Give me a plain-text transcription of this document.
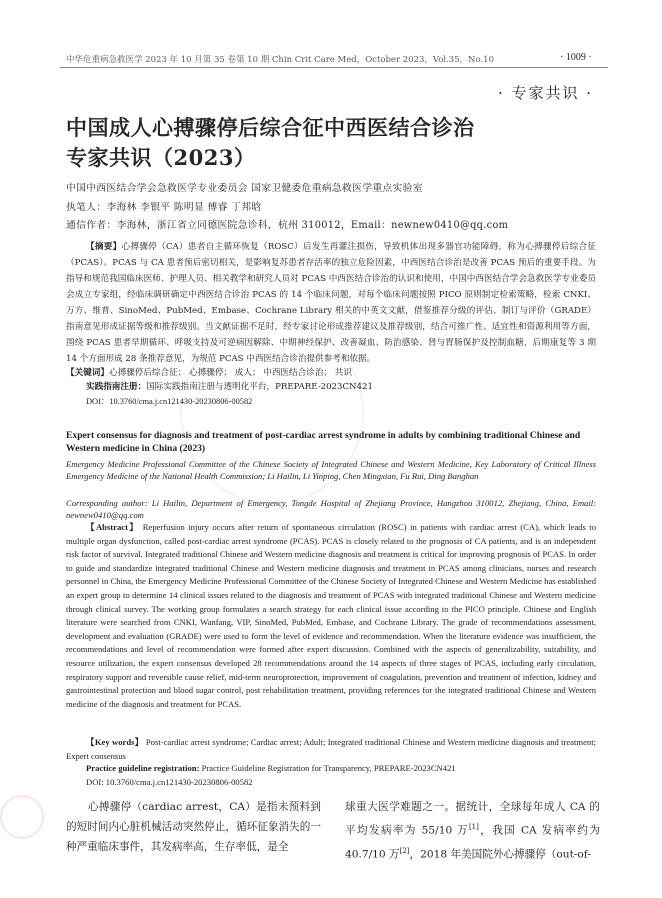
中华危重病急救医学 2023 年 10 月第 35 卷第 10 期 Chin Crit Care Med，October 2023，Vol.35，No.10	· 1009 ·
· 专家共识 ·
中国成人心搏骤停后综合征中西医结合诊治
专家共识（2023）
中国中西医结合学会急救医学专业委员会 国家卫健委危重病急救医学重点实验室
执笔人：李海林 李银平 陈明显 傅睿 丁邦晗
通信作者：李海林，浙江省立同德医院急诊科，杭州 310012，Email：newnew0410@qq.com
【摘要】心搏骤停（CA）患者自主循环恢复（ROSC）后发生再灌注损伤，导致机体出现多器官功能障碍，称为心搏骤停后综合征（PCAS）。PCAS 与 CA 患者预后密切相关，是影响复苏患者存活率的独立危险因素，中西医结合诊治是改善 PCAS 预后的重要手段。为指导和规范我国临床医师、护理人员、相关教学和研究人员对 PCAS 中西医结合诊治的认识和使用，中国中西医结合学会急救医学专业委员会成立专家组，经临床调研确定中西医结合诊治 PCAS 的 14 个临床问题，对每个临床问题按照 PICO 原则制定检索策略，检索 CNKI、万方、维普、SinoMed、PubMed、Embase、Cochrane Library 相关的中英文文献，借鉴推荐分级的评估、制订与评价（GRADE）指南意见形成证据等级和推荐级别。当文献证据不足时，经专家讨论形成推荐建议及推荐级别，结合可推广性、适宜性和资源利用等方面，围绕 PCAS 患者早期循环、呼吸支持及可逆病因解除、中期神经保护、改善凝血、防治感染、肾与胃肠保护及控制血糖，后期康复等 3 期 14 个方面形成 28 条推荐意见，为规范 PCAS 中西医结合诊治提供参考和依据。
【关键词】心搏骤停后综合征； 心搏骤停； 成人； 中西医结合诊治； 共识
实践指南注册：国际实践指南注册与透明化平台，PREPARE-2023CN421
DOI：10.3760/cma.j.cn121430-20230806-00582
Expert consensus for diagnosis and treatment of post-cardiac arrest syndrome in adults by combining traditional Chinese and Western medicine in China (2023)
Emergency Medicine Professional Committee of the Chinese Society of Integrated Chinese and Western Medicine, Key Laboratory of Critical Illness Emergency Medicine of the National Health Commission; Li Hailin, Li Yinping, Chen Mingxian, Fu Rui, Ding Banghan
Corresponding author: Li Hailin, Department of Emergency, Tongde Hospital of Zhejiang Province, Hangzhou 310012, Zhejiang, China, Email: newnew0410@qq.com
【Abstract】 Reperfusion injury occurs after return of spontaneous circulation (ROSC) in patients with cardiac arrest (CA), which leads to multiple organ dysfunction, called post-cardiac arrest syndrome (PCAS). PCAS is closely related to the prognosis of CA patients, and is an independent risk factor of survival. Integrated traditional Chinese and Western medicine diagnosis and treatment is critical for improving prognosis of PCAS. In order to guide and standardize integrated traditional Chinese and Western medicine diagnosis and treatment in PCAS among clinicians, nurses and research personnel in China, the Emergency Medicine Professional Committee of the Chinese Society of Integrated Chinese and Western Medicine has established an expert group to determine 14 clinical issues related to the diagnosis and treatment of PCAS with integrated traditional Chinese and Western medicine through clinical survey. The working group formulates a search strategy for each clinical issue according to the PICO principle. Chinese and English literature were searched from CNKI, Wanfang, VIP, SinoMed, PubMed, Embase, and Cochrane Library. The grade of recommendations assessment, development and evaluation (GRADE) were used to form the level of evidence and recommendation. When the literature evidence was insufficient, the recommendations and level of recommendation were formed after expert discussion. Combined with the aspects of generalizability, suitability, and resource utilization, the expert consensus developed 28 recommendations around the 14 aspects of three stages of PCAS, including early circulation, respiratory support and reversible cause relief, mid-term neuroprotection, improvement of coagulation, prevention and treatment of infection, kidney and gastrointestinal protection and blood sugar control, post rehabilitation treatment, providing references for the integrated traditional Chinese and Western medicine of the diagnosis and treatment for PCAS.
【Key words】 Post-cardiac arrest syndrome; Cardiac arrest; Adult; Integrated traditional Chinese and Western medicine diagnosis and treatment; Expert consensus
Practice guideline registration: Practice Guideline Registration for Transparency, PREPARE-2023CN421
DOI: 10.3760/cma.j.cn121430-20230806-00582
心搏骤停（cardiac arrest，CA）是指未预料到的短时间内心脏机械活动突然停止，循环征象消失的一种严重临床事件，其发病率高，生存率低，是全
球重大医学难题之一。据统计，全球每年成人 CA 的平均发病率为 55/10 万[1]，我国 CA 发病率约为 40.7/10 万[2]，2018 年美国院外心搏骤停（out-of-
